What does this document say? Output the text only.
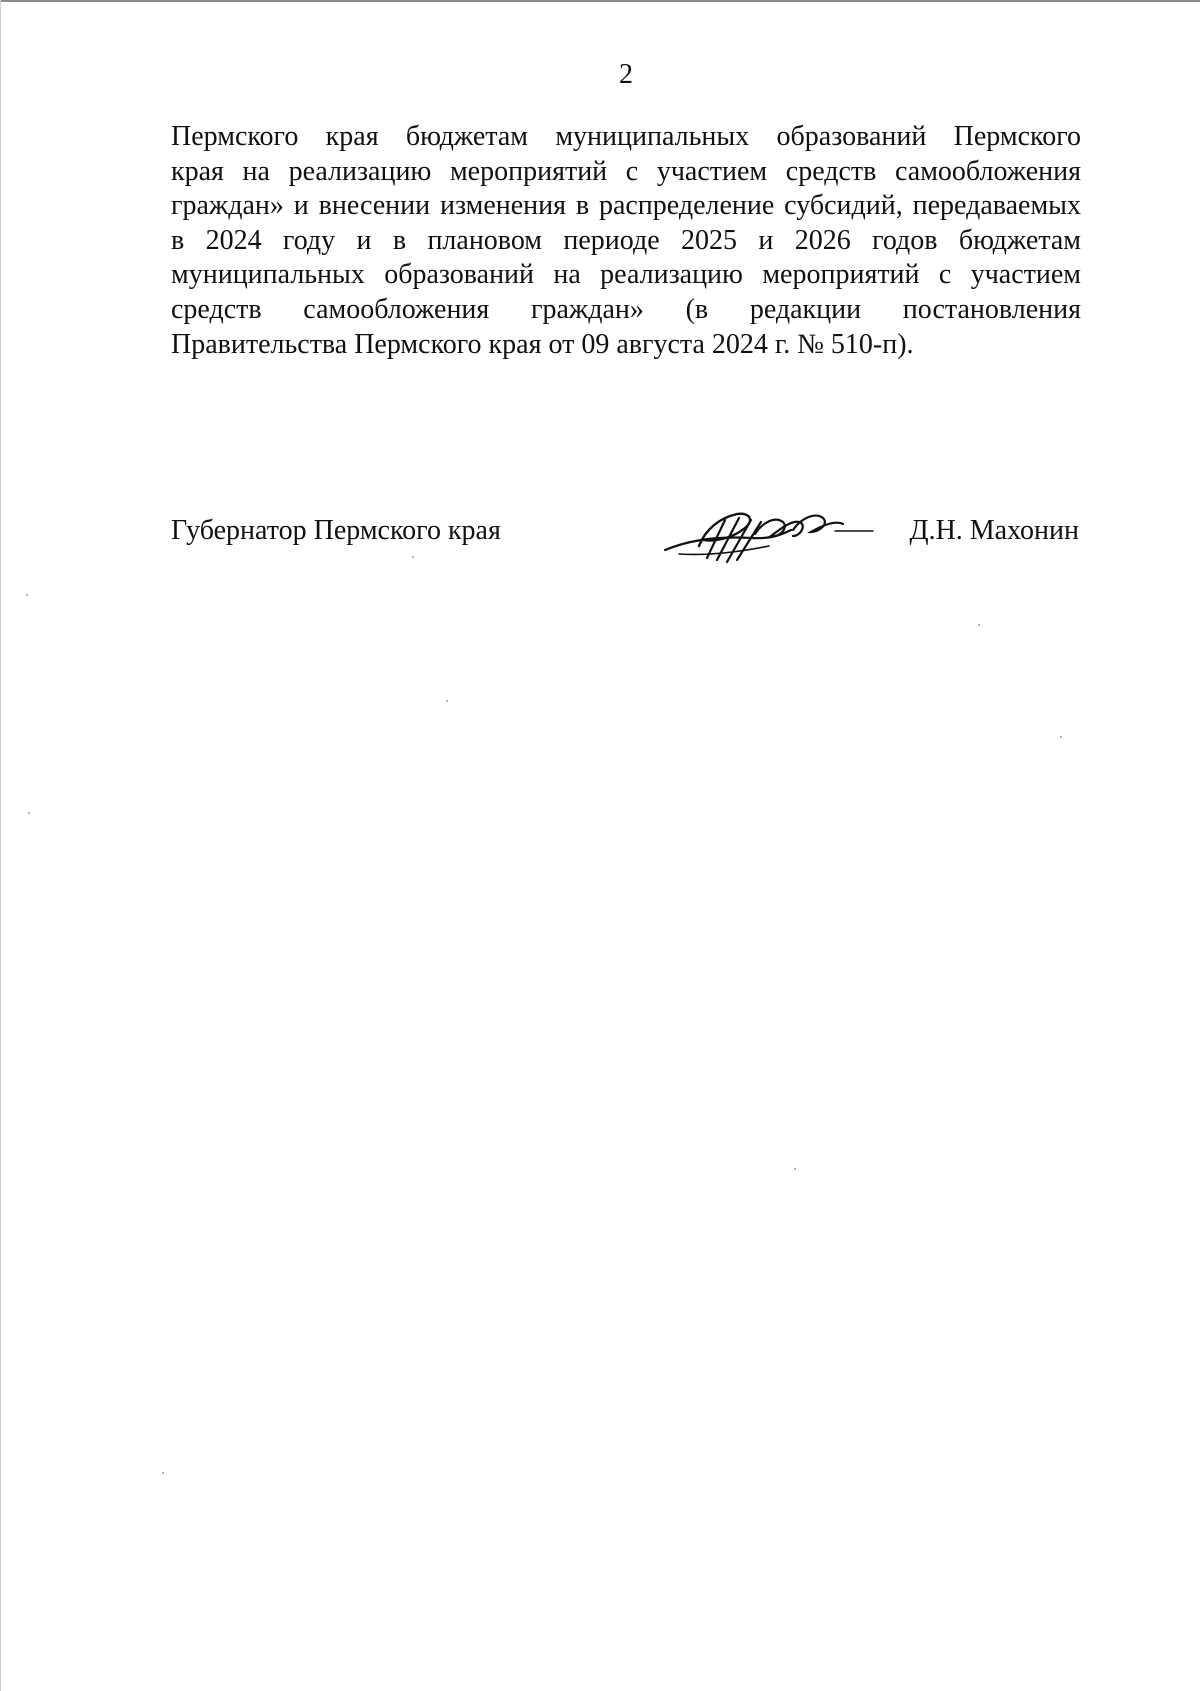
2
Пермского края бюджетам муниципальных образований Пермского
края на реализацию мероприятий с участием средств самообложения
граждан» и внесении изменения в распределение субсидий, передаваемых
в 2024 году и в плановом периоде 2025 и 2026 годов бюджетам
муниципальных образований на реализацию мероприятий с участием
средств самообложения граждан» (в редакции постановления
Правительства Пермского края от 09 августа 2024 г. № 510-п).
Губернатор Пермского края	Д.Н. Махонин
